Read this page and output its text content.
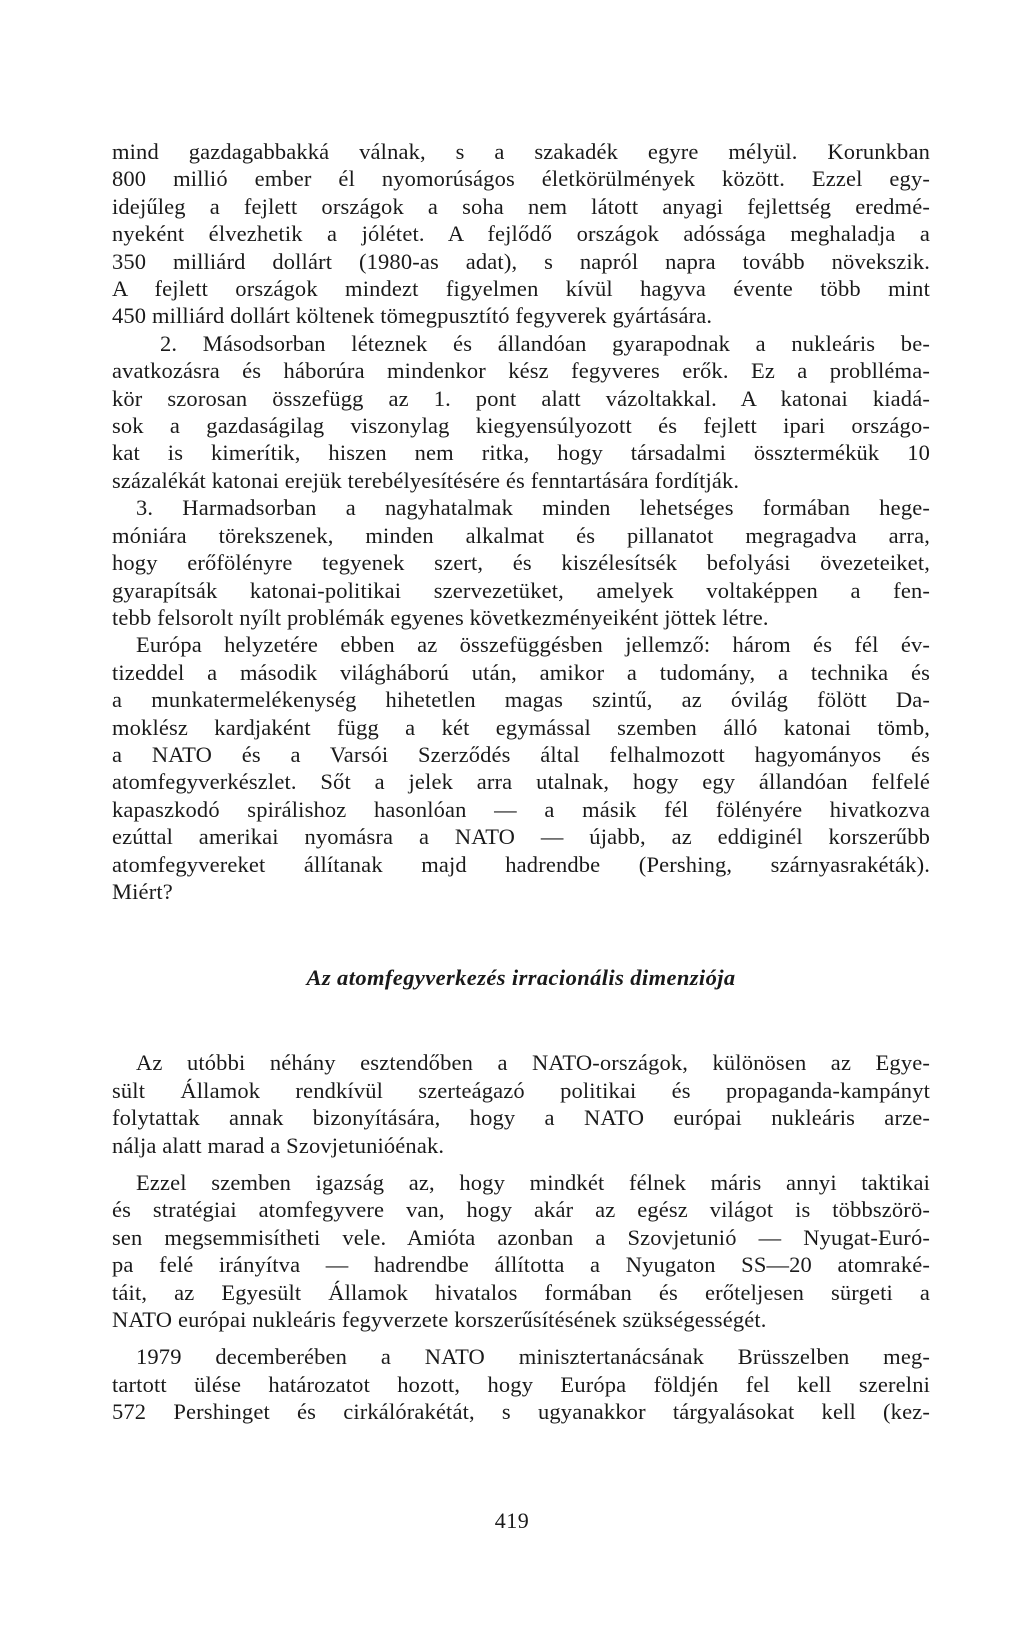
mind gazdagabbakká válnak, s a szakadék egyre mélyül. Korunkban
800 millió ember él nyomorúságos életkörülmények között. Ezzel egy-
idejűleg a fejlett országok a soha nem látott anyagi fejlettség eredmé-
nyeként élvezhetik a jólétet. A fejlődő országok adóssága meghaladja a
350 milliárd dollárt (1980-as adat), s napról napra tovább növekszik.
A fejlett országok mindezt figyelmen kívül hagyva évente több mint
450 milliárd dollárt költenek tömegpusztító fegyverek gyártására.

2. Másodsorban léteznek és állandóan gyarapodnak a nukleáris be-
avatkozásra és háborúra mindenkor kész fegyveres erők. Ez a problléma-
kör szorosan összefügg az 1. pont alatt vázoltakkal. A katonai kiadá-
sok a gazdaságilag viszonylag kiegyensúlyozott és fejlett ipari országo-
kat is kimerítik, hiszen nem ritka, hogy társadalmi össztermékük 10
százalékát katonai erejük terebélyesítésére és fenntartására fordítják.

3. Harmadsorban a nagyhatalmak minden lehetséges formában hege-
móniára törekszenek, minden alkalmat és pillanatot megragadva arra,
hogy erőfölényre tegyenek szert, és kiszélesítsék befolyási övezeteiket,
gyarapítsák katonai-politikai szervezetüket, amelyek voltaképpen a fen-
tebb felsorolt nyílt problémák egyenes következményeiként jöttek létre.

Európa helyzetére ebben az összefüggésben jellemző: három és fél év-
tizeddel a második világháború után, amikor a tudomány, a technika és
a munkatermelékenység hihetetlen magas szintű, az óvilág fölött Da-
moklész kardjaként függ a két egymással szemben álló katonai tömb,
a NATO és a Varsói Szerződés által felhalmozott hagyományos és
atomfegyverkészlet. Sőt a jelek arra utalnak, hogy egy állandóan felfelé
kapaszkodó spirálishoz hasonlóan — a másik fél fölényére hivatkozva
ezúttal amerikai nyomásra a NATO — újabb, az eddiginél korszerűbb
atomfegyvereket állítanak majd hadrendbe (Pershing, szárnyasrakéták).
Miért?

Az atomfegyverkezés irracionális dimenziója

Az utóbbi néhány esztendőben a NATO-országok, különösen az Egye-
sült Államok rendkívül szerteágazó politikai és propaganda-kampányt
folytattak annak bizonyítására, hogy a NATO európai nukleáris arze-
nálja alatt marad a Szovjetunióénak.

Ezzel szemben igazság az, hogy mindkét félnek máris annyi taktikai
és stratégiai atomfegyvere van, hogy akár az egész világot is többszörö-
sen megsemmisítheti vele. Amióta azonban a Szovjetunió — Nyugat-Euró-
pa felé irányítva — hadrendbe állította a Nyugaton SS—20 atomraké-
táit, az Egyesült Államok hivatalos formában és erőteljesen sürgeti a
NATO európai nukleáris fegyverzete korszerűsítésének szükségességét.

1979 decemberében a NATO minisztertanácsának Brüsszelben meg-
tartott ülése határozatot hozott, hogy Európa földjén fel kell szerelni
572 Pershinget és cirkálórakétát, s ugyanakkor tárgyalásokat kell (kez-

419
